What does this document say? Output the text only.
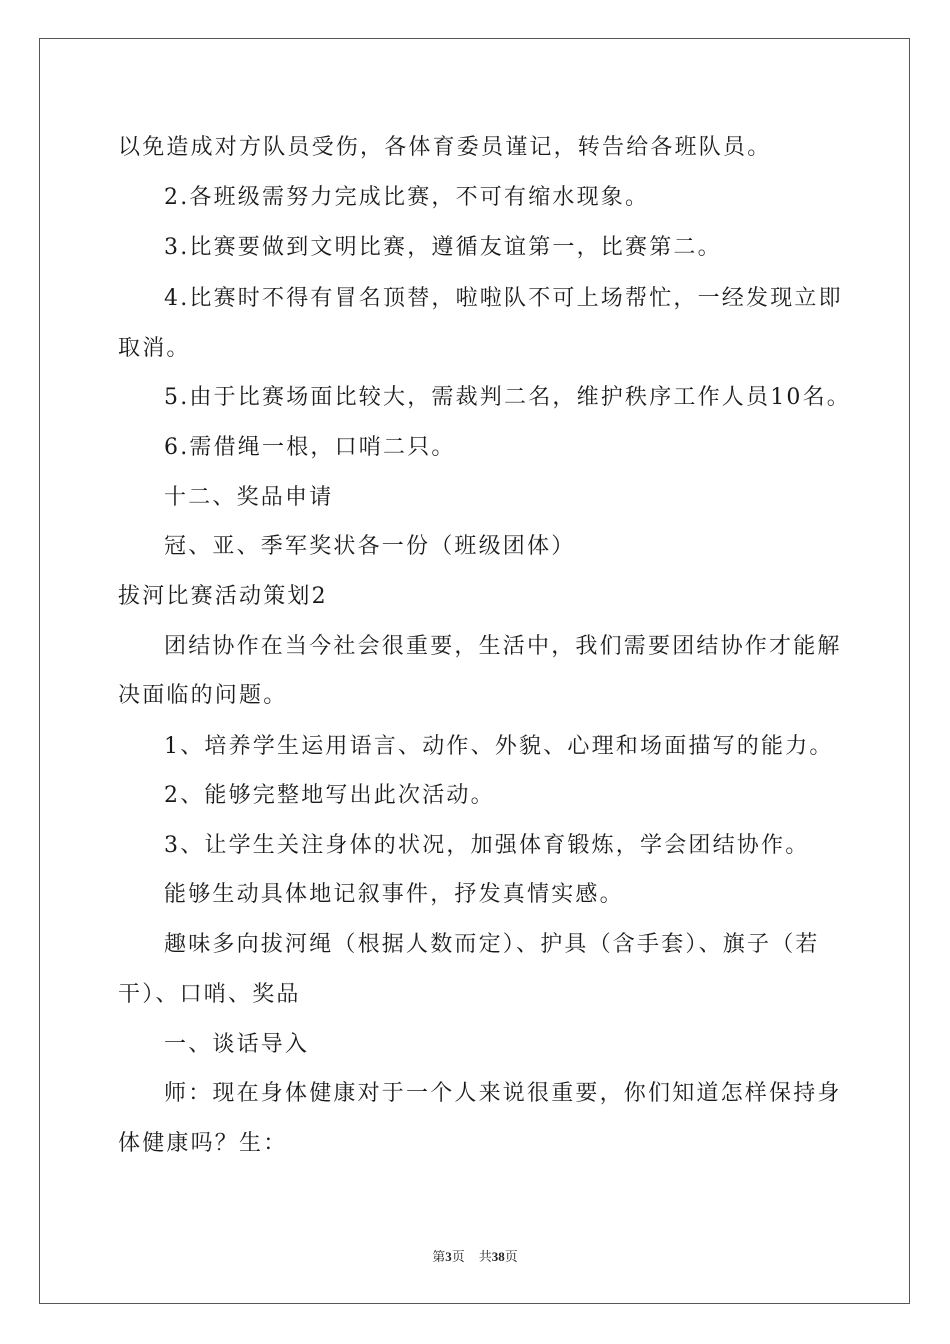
以免造成对方队员受伤，各体育委员谨记，转告给各班队员。
2.各班级需努力完成比赛，不可有缩水现象。
3.比赛要做到文明比赛，遵循友谊第一，比赛第二。
4.比赛时不得有冒名顶替，啦啦队不可上场帮忙，一经发现立即
取消。
5.由于比赛场面比较大，需裁判二名，维护秩序工作人员10名。
6.需借绳一根，口哨二只。
十二、奖品申请
冠、亚、季军奖状各一份（班级团体）
拔河比赛活动策划2
团结协作在当今社会很重要，生活中，我们需要团结协作才能解
决面临的问题。
1、培养学生运用语言、动作、外貌、心理和场面描写的能力。
2、能够完整地写出此次活动。
3、让学生关注身体的状况，加强体育锻炼，学会团结协作。
能够生动具体地记叙事件，抒发真情实感。
趣味多向拔河绳（根据人数而定）、护具（含手套）、旗子（若
干）、口哨、奖品
一、谈话导入
师：现在身体健康对于一个人来说很重要，你们知道怎样保持身
体健康吗？生：
第3页 共38页
